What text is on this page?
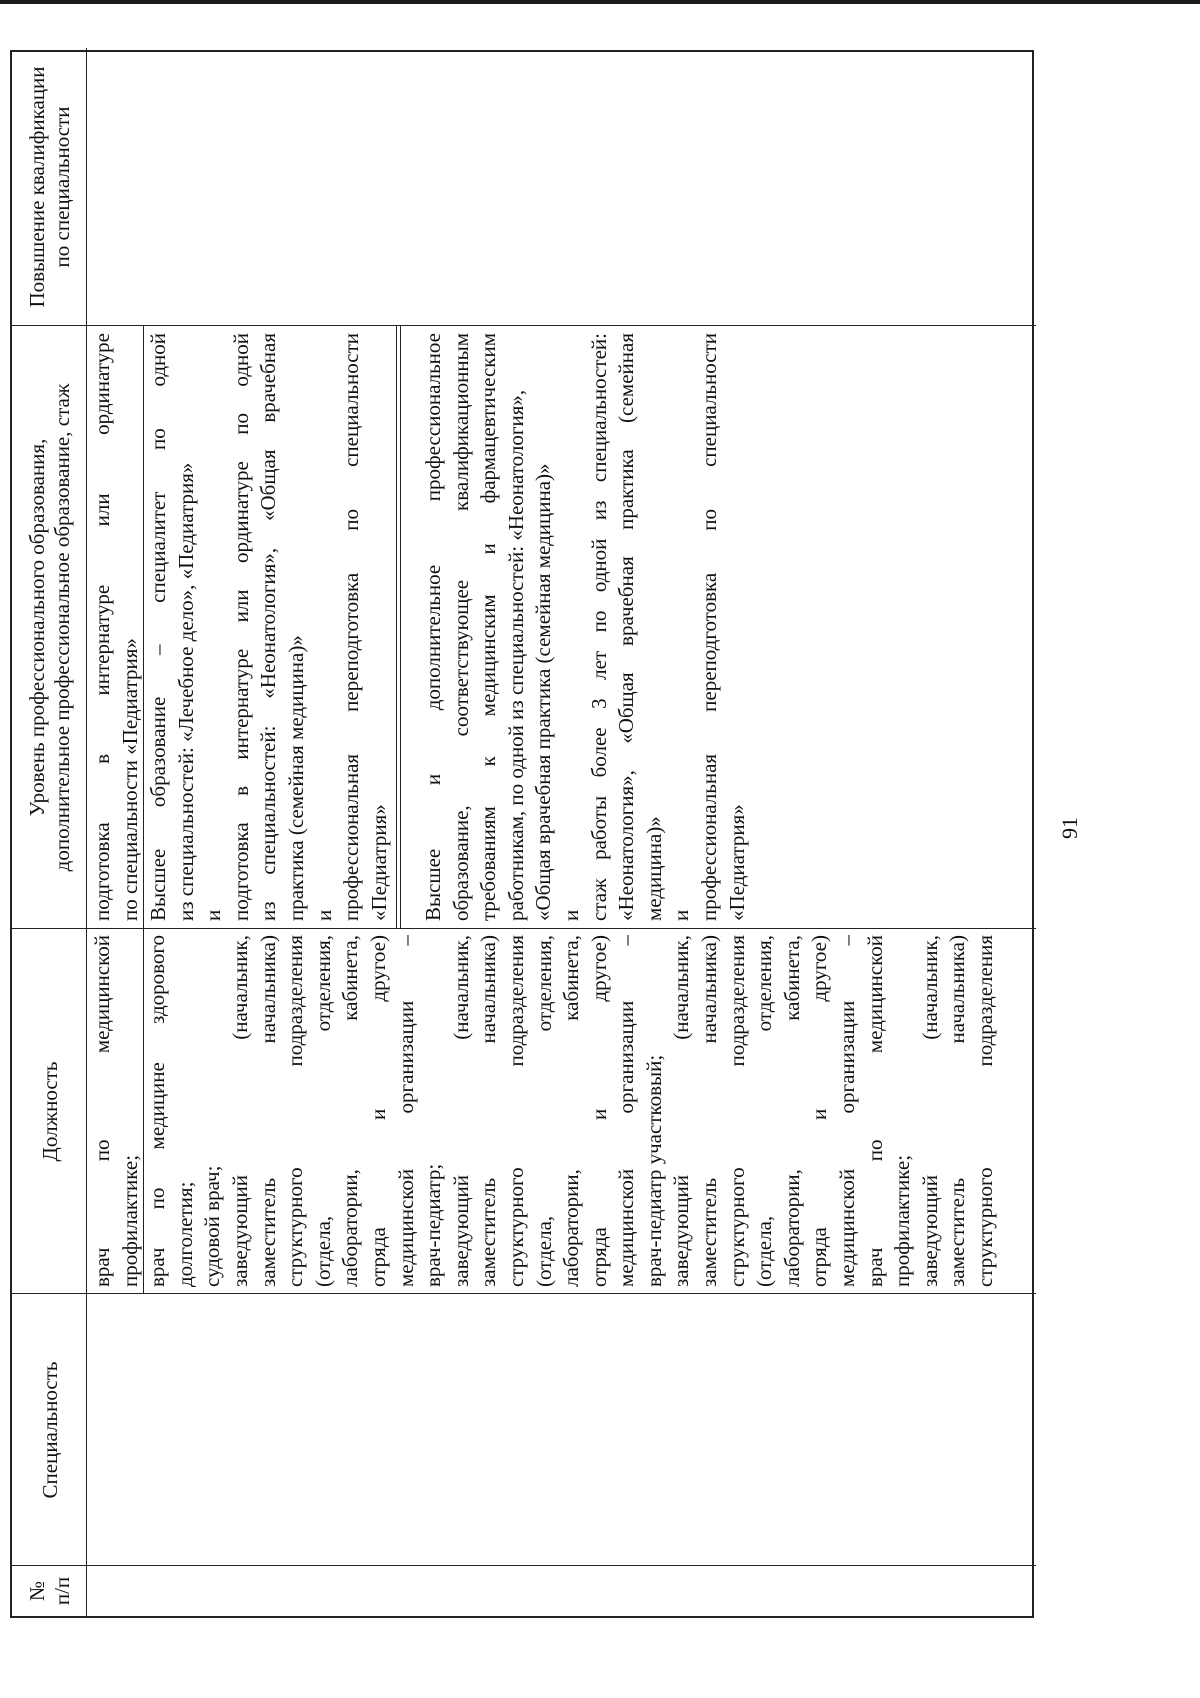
91
№ п/п
Специальность
Должность
Уровень профессионального образования, дополнительное профессиональное образование, стаж
Повышение квалификации по специальности
врач по медицинской профилактике; врач по медицине здорового долголетия; судовой врач; заведующий (начальник, заместитель начальника) структурного подразделения (отдела, отделения, лаборатории, кабинета, отряда и другое) медицинской организации – врач-педиатр; заведующий (начальник, заместитель начальника) структурного подразделения (отдела, отделения, лаборатории, кабинета, отряда и другое) медицинской организации – врач-педиатр участковый; заведующий (начальник, заместитель начальника) структурного подразделения (отдела, отделения, лаборатории, кабинета, отряда и другое) медицинской организации – врач по медицинской профилактике; заведующий (начальник, заместитель начальника) структурного подразделения
подготовка в интернатуре или ординатуре по специальности «Педиатрия» Высшее образование – специалитет по одной из специальностей: «Лечебное дело», «Педиатрия» и подготовка в интернатуре или ординатуре по одной из специальностей: «Неонатология», «Общая врачебная практика (семейная медицина)» и профессиональная переподготовка по специальности «Педиатрия» Высшее и дополнительное профессиональное образование, соответствующее квалификационным требованиям к медицинским и фармацевтическим работникам, по одной из специальностей: «Неонатология», «Общая врачебная практика (семейная медицина)» и стаж работы более 3 лет по одной из специальностей: «Неонатология», «Общая врачебная практика (семейная медицина)» и профессиональная переподготовка по специальности «Педиатрия»
